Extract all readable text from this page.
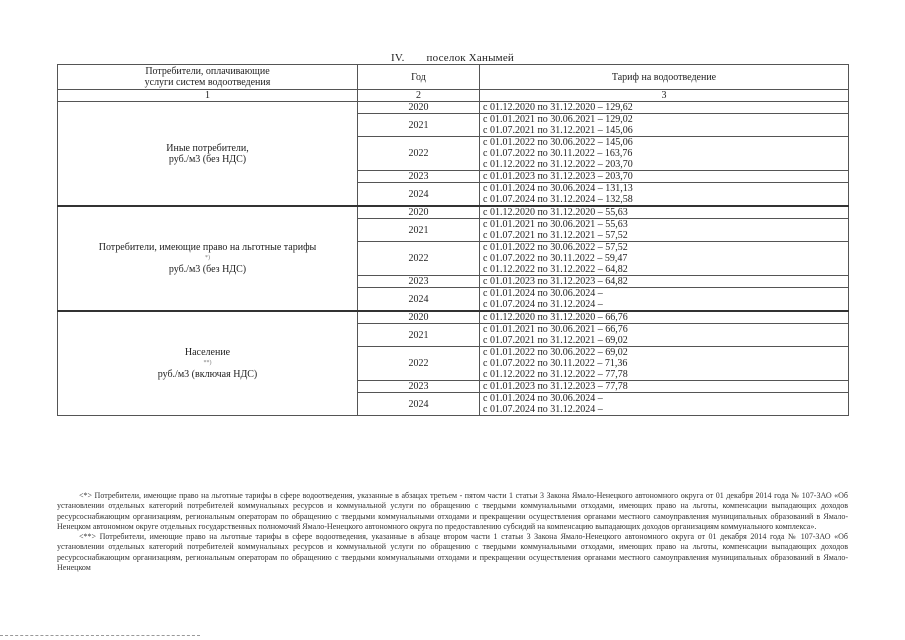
IV. поселок Ханымей
Потребители, оплачивающие
услуги систем водоотведения	Год	Тариф на водоотведение
1	2	3

Иные потребители,
руб./м3 (без НДС)	2020	с 01.12.2020 по 31.12.2020 – 129,62

	2021	с 01.01.2021 по 30.06.2021 – 129,02
с 01.07.2021 по 31.12.2021 – 145,06

	2022	с 01.01.2022 по 30.06.2022 – 145,06
с 01.07.2022 по 30.11.2022 – 163,76
с 01.12.2022 по 31.12.2022 – 203,70

	2023	с 01.01.2023 по 31.12.2023 – 203,70

	2024	с 01.01.2024 по 30.06.2024 – 131,13
с 01.07.2024 по 31.12.2024 – 132,58

Потребители, имеющие право на льготные тарифы
*)
руб./м3 (без НДС)	2020	с 01.12.2020 по 31.12.2020 – 55,63

	2021	с 01.01.2021 по 30.06.2021 – 55,63
с 01.07.2021 по 31.12.2021 – 57,52

	2022	с 01.01.2022 по 30.06.2022 – 57,52
с 01.07.2022 по 30.11.2022 – 59,47
с 01.12.2022 по 31.12.2022 – 64,82

	2023	с 01.01.2023 по 31.12.2023 – 64,82

	2024	с 01.01.2024 по 30.06.2024 –
с 01.07.2024 по 31.12.2024 –

Население
**)
руб./м3 (включая НДС)	2020	с 01.12.2020 по 31.12.2020 – 66,76

	2021	с 01.01.2021 по 30.06.2021 – 66,76
с 01.07.2021 по 31.12.2021 – 69,02

	2022	с 01.01.2022 по 30.06.2022 – 69,02
с 01.07.2022 по 30.11.2022 – 71,36
с 01.12.2022 по 31.12.2022 – 77,78

	2023	с 01.01.2023 по 31.12.2023 – 77,78

	2024	с 01.01.2024 по 30.06.2024 –
с 01.07.2024 по 31.12.2024 –

<*> Потребители, имеющие право на льготные тарифы в сфере водоотведения, указанные в абзацах третьем - пятом части 1 статьи 3 Закона Ямало-Ненецкого автономного округа от 01 декабря 2014 года № 107-ЗАО «Об установлении отдельных категорий потребителей коммунальных ресурсов и коммунальной услуги по обращению с твердыми коммунальными отходами, имеющих право на льготы, компенсации выпадающих доходов ресурсоснабжающим организациям, региональным операторам по обращению с твердыми коммунальными отходами и прекращении осуществления органами местного самоуправления муниципальных образований в Ямало-Ненецком автономном округе отдельных государственных полномочий Ямало-Ненецкого автономного округа по предоставлению субсидий на компенсацию выпадающих доходов организациям коммунального комплекса».

<**> Потребители, имеющие право на льготные тарифы в сфере водоотведения, указанные в абзаце втором части 1 статьи 3 Закона Ямало-Ненецкого автономного округа от 01 декабря 2014 года № 107-ЗАО «Об установлении отдельных категорий потребителей коммунальных ресурсов и коммунальной услуги по обращению с твердыми коммунальными отходами, имеющих право на льготы, компенсации выпадающих доходов ресурсоснабжающим организациям, региональным операторам по обращению с твердыми коммунальными отходами и прекращении осуществления органами местного самоуправления муниципальных образований в Ямало-Ненецком
